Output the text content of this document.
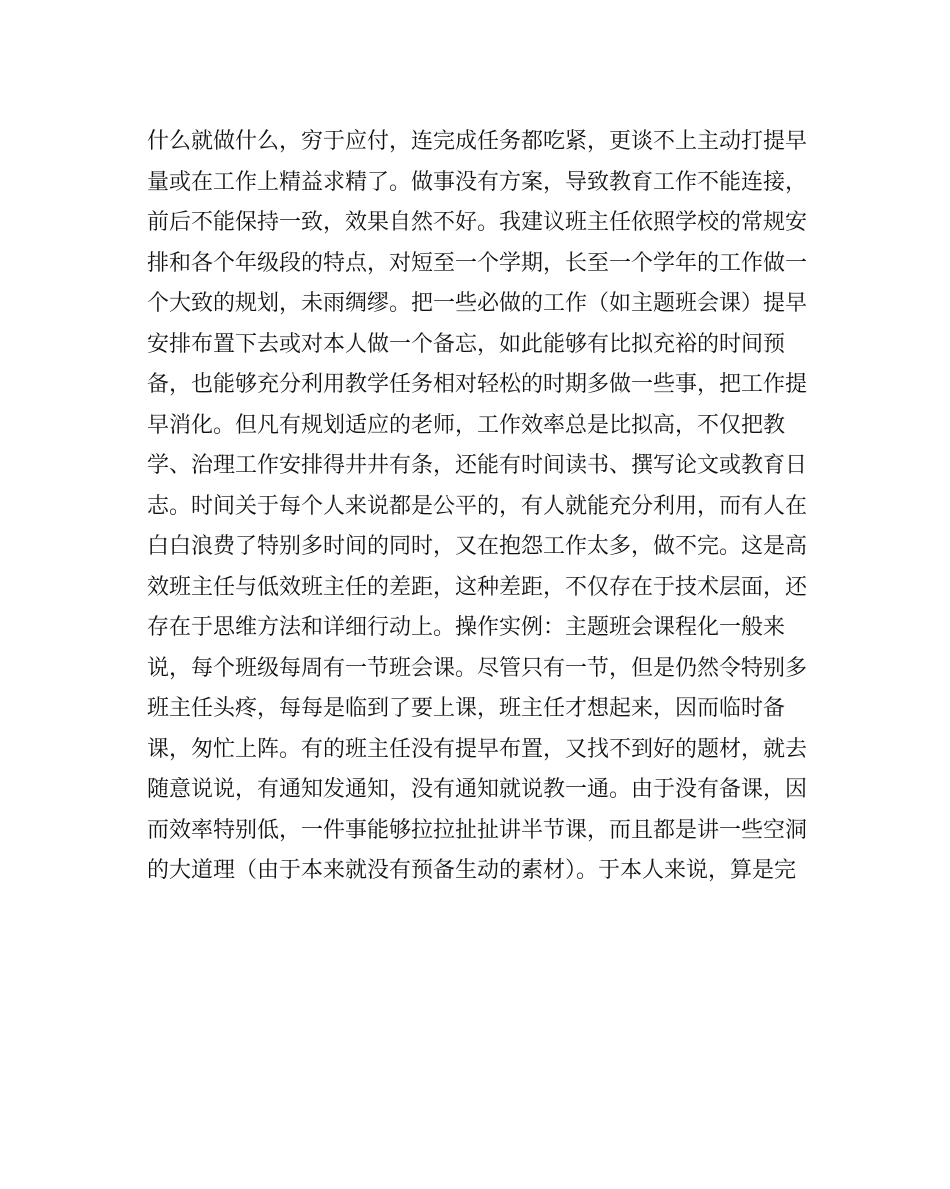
什么就做什么，穷于应付，连完成任务都吃紧，更谈不上主动打提早
量或在工作上精益求精了。做事没有方案，导致教育工作不能连接，
前后不能保持一致，效果自然不好。我建议班主任依照学校的常规安
排和各个年级段的特点，对短至一个学期，长至一个学年的工作做一
个大致的规划，未雨绸缪。把一些必做的工作（如主题班会课）提早
安排布置下去或对本人做一个备忘，如此能够有比拟充裕的时间预
备，也能够充分利用教学任务相对轻松的时期多做一些事，把工作提
早消化。但凡有规划适应的老师，工作效率总是比拟高，不仅把教
学、治理工作安排得井井有条，还能有时间读书、撰写论文或教育日
志。时间关于每个人来说都是公平的，有人就能充分利用，而有人在
白白浪费了特别多时间的同时，又在抱怨工作太多，做不完。这是高
效班主任与低效班主任的差距，这种差距，不仅存在于技术层面，还
存在于思维方法和详细行动上。操作实例：主题班会课程化一般来
说，每个班级每周有一节班会课。尽管只有一节，但是仍然令特别多
班主任头疼，每每是临到了要上课，班主任才想起来，因而临时备
课，匆忙上阵。有的班主任没有提早布置，又找不到好的题材，就去
随意说说，有通知发通知，没有通知就说教一通。由于没有备课，因
而效率特别低，一件事能够拉拉扯扯讲半节课，而且都是讲一些空洞
的大道理（由于本来就没有预备生动的素材）。于本人来说，算是完
